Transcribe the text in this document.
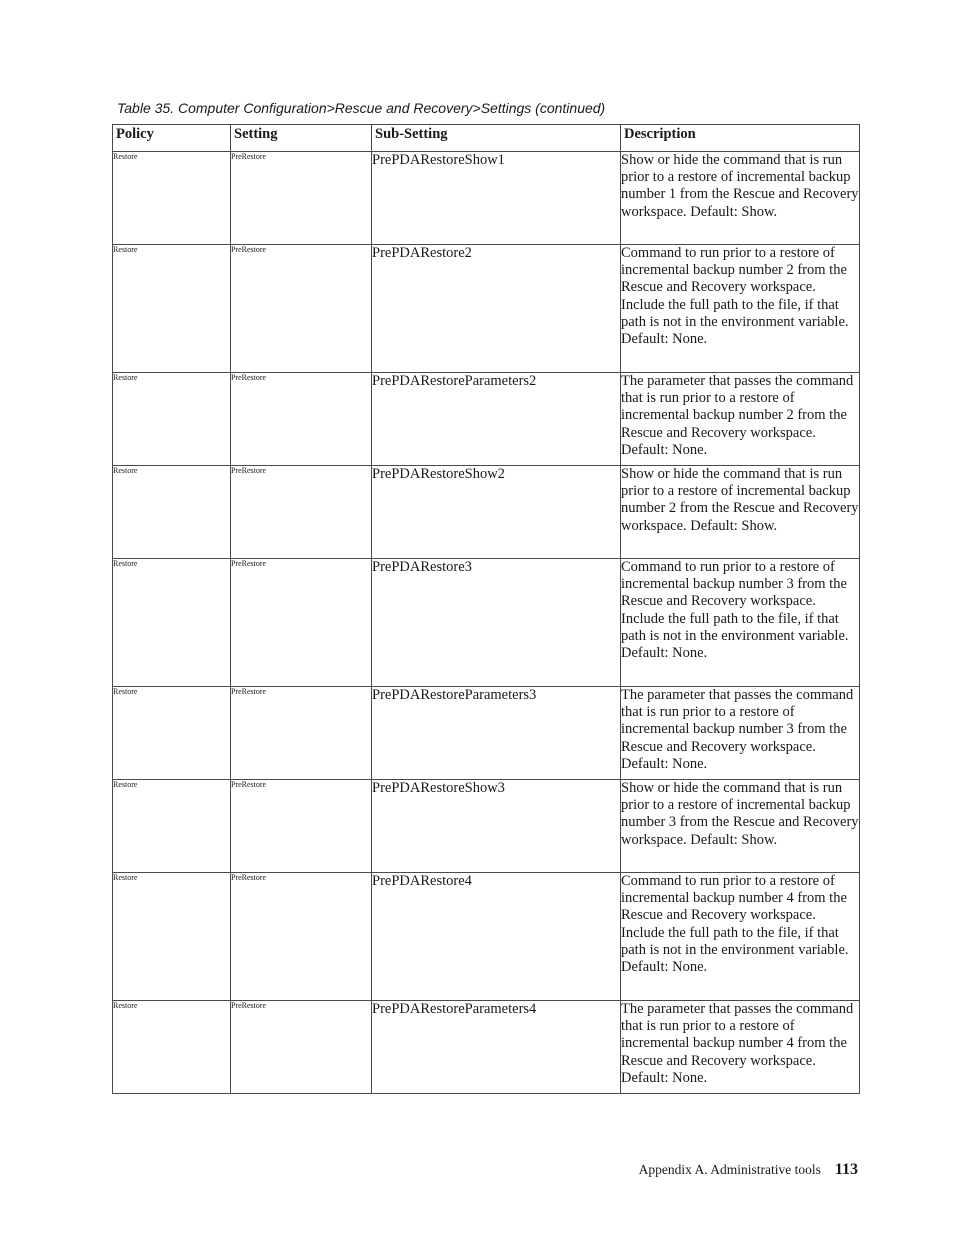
Table 35. Computer Configuration>Rescue and Recovery>Settings (continued)
Policy	Setting	Sub-Setting	Description
Restore	PreRestore	PrePDARestoreShow1	Show or hide the command that is run prior to a restore of incremental backup number 1 from the Rescue and Recovery workspace. Default: Show.
Restore	PreRestore	PrePDARestore2	Command to run prior to a restore of incremental backup number 2 from the Rescue and Recovery workspace. Include the full path to the file, if that path is not in the environment variable. Default: None.
Restore	PreRestore	PrePDARestoreParameters2	The parameter that passes the command that is run prior to a restore of incremental backup number 2 from the Rescue and Recovery workspace. Default: None.
Restore	PreRestore	PrePDARestoreShow2	Show or hide the command that is run prior to a restore of incremental backup number 2 from the Rescue and Recovery workspace. Default: Show.
Restore	PreRestore	PrePDARestore3	Command to run prior to a restore of incremental backup number 3 from the Rescue and Recovery workspace. Include the full path to the file, if that path is not in the environment variable. Default: None.
Restore	PreRestore	PrePDARestoreParameters3	The parameter that passes the command that is run prior to a restore of incremental backup number 3 from the Rescue and Recovery workspace. Default: None.
Restore	PreRestore	PrePDARestoreShow3	Show or hide the command that is run prior to a restore of incremental backup number 3 from the Rescue and Recovery workspace. Default: Show.
Restore	PreRestore	PrePDARestore4	Command to run prior to a restore of incremental backup number 4 from the Rescue and Recovery workspace. Include the full path to the file, if that path is not in the environment variable. Default: None.
Restore	PreRestore	PrePDARestoreParameters4	The parameter that passes the command that is run prior to a restore of incremental backup number 4 from the Rescue and Recovery workspace. Default: None.
Appendix A. Administrative tools 113
